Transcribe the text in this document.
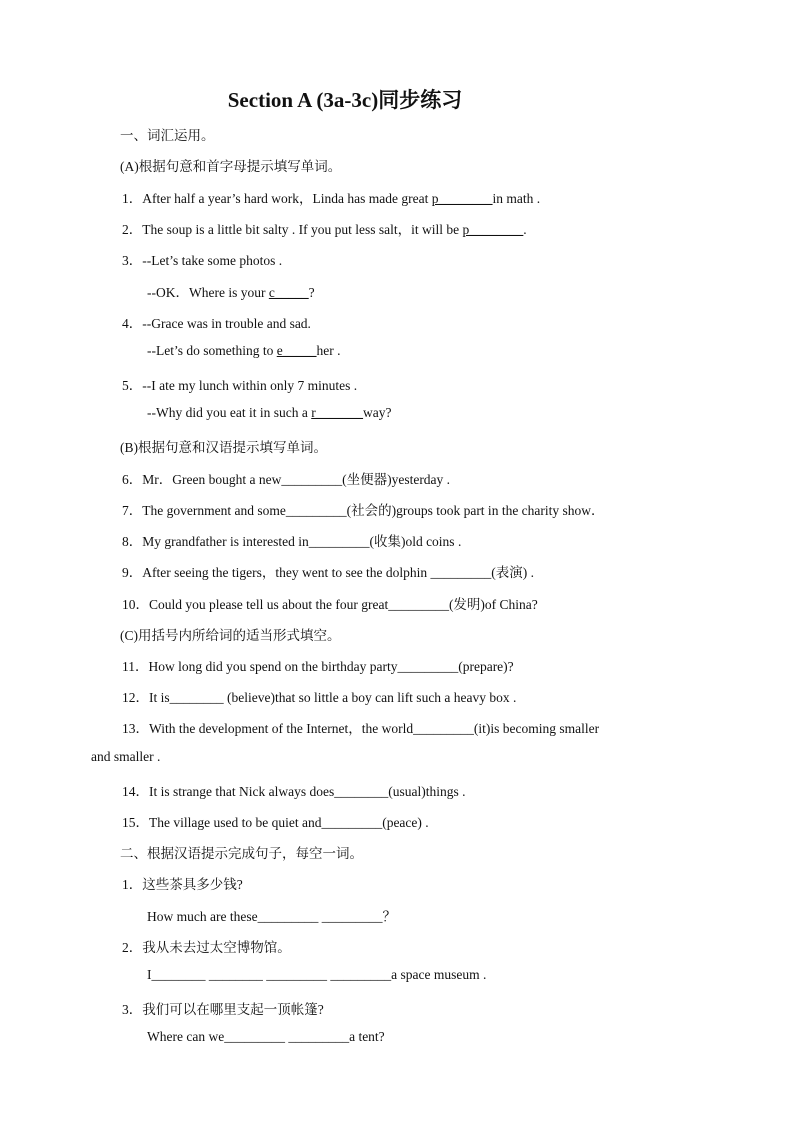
Section A (3a-3c)同步练习
一、词汇运用。
(A)根据句意和首字母提示填写单词。
1．After half a year’s hard work，Linda has made great p________in math .
2．The soup is a little bit salty . If you put less salt，it will be p________.
3．--Let’s take some photos .
--OK．Where is your c_____?
4．--Grace was in trouble and sad.
--Let’s do something to e_____her .
5．--I ate my lunch within only 7 minutes .
--Why did you eat it in such a r_______way?
(B)根据句意和汉语提示填写单词。
6．Mr．Green bought a new_________(坐便器)yesterday .
7．The government and some_________(社会的)groups took part in the charity show．
8．My grandfather is interested in_________(收集)old coins .
9．After seeing the tigers，they went to see the dolphin _________(表演) .
10．Could you please tell us about the four great_________(发明)of China?
(C)用括号内所给词的适当形式填空。
11．How long did you spend on the birthday party_________(prepare)?
12．It is________ (believe)that so little a boy can lift such a heavy box .
13．With the development of the Internet，the world_________(it)is becoming smaller
and smaller .
14．It is strange that Nick always does________(usual)things .
15．The village used to be quiet and_________(peace) .
二、根据汉语提示完成句子，每空一词。
1．这些茶具多少钱?
How much are these_________ _________？
2．我从未去过太空博物馆。
I________ ________ _________ _________a space museum .
3．我们可以在哪里支起一顶帐篷?
Where can we_________ _________a tent?
